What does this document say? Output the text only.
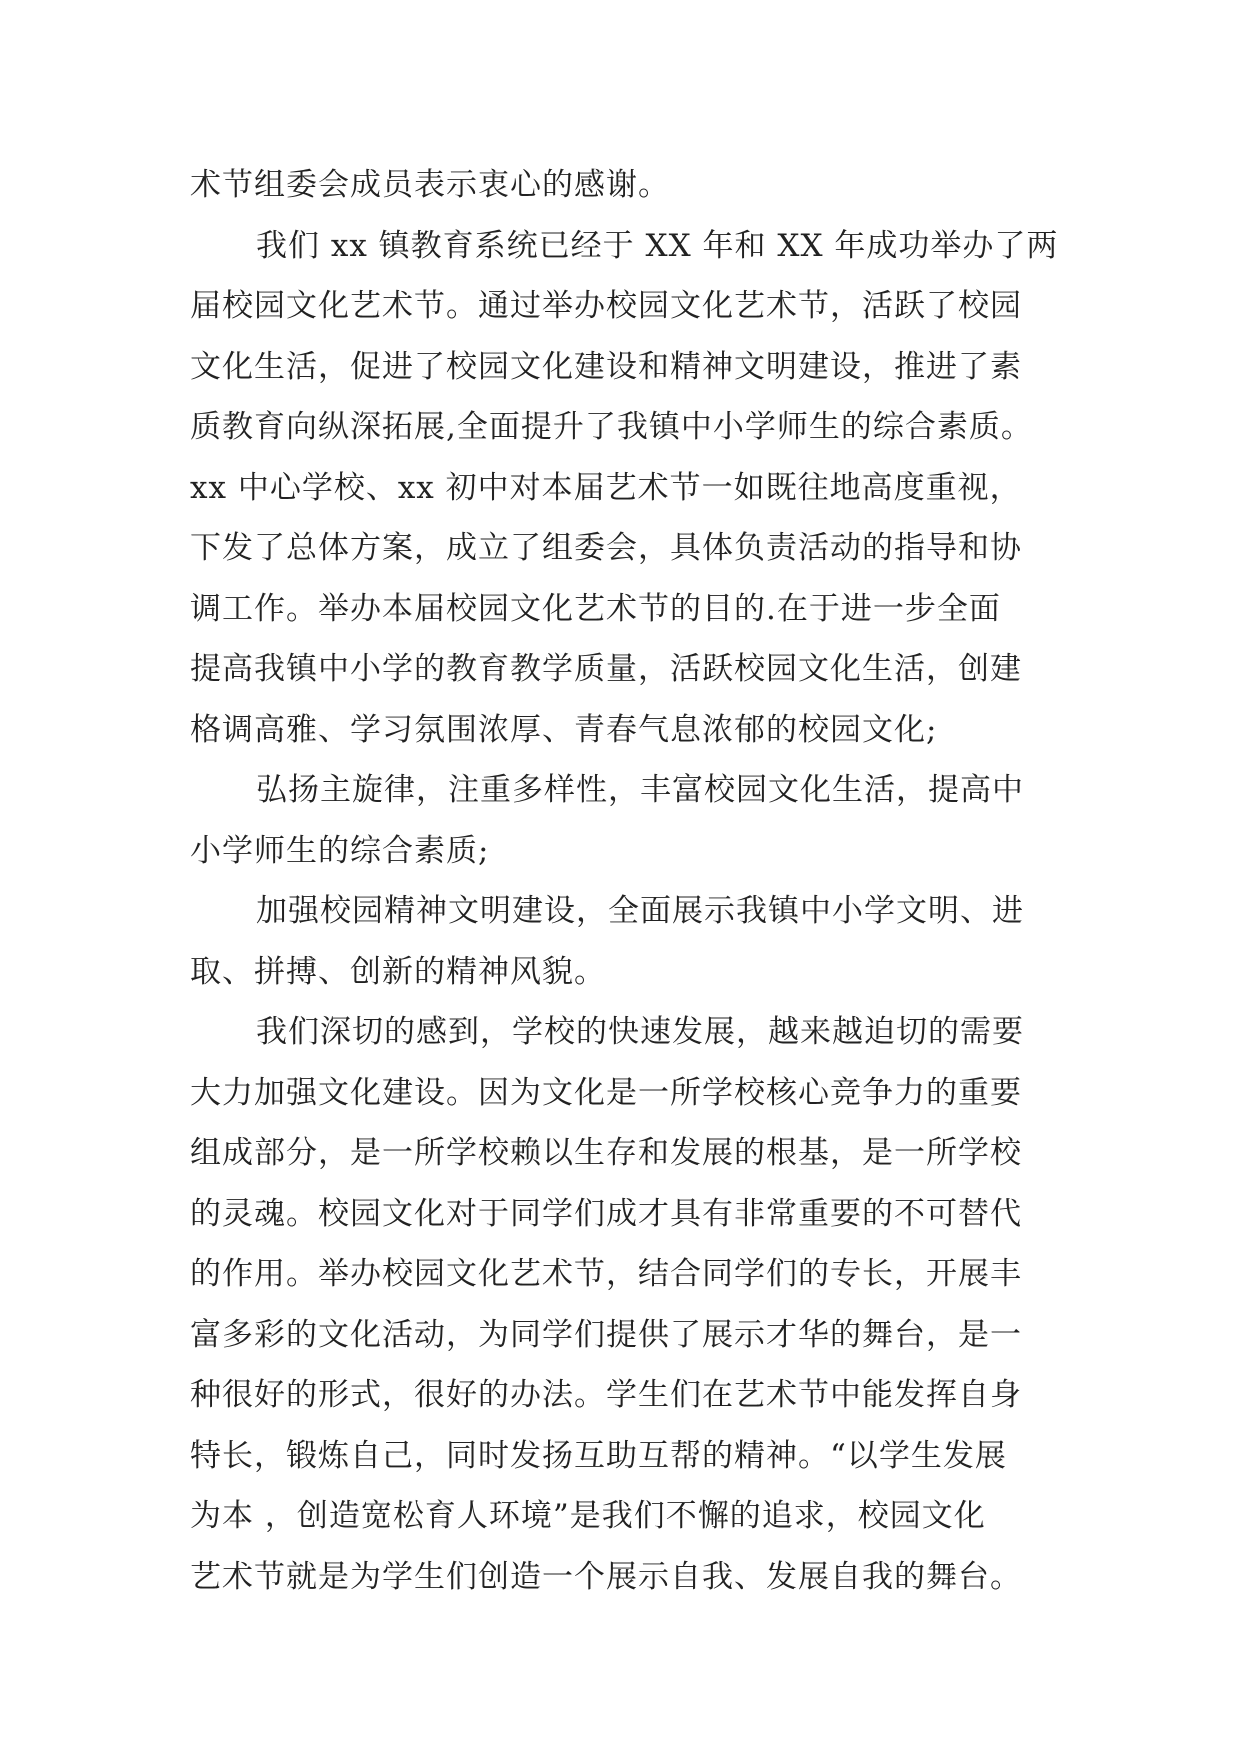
术节组委会成员表示衷心的感谢。
我们 xx 镇教育系统已经于 XX 年和 XX 年成功举办了两
届校园文化艺术节。通过举办校园文化艺术节，活跃了校园
文化生活，促进了校园文化建设和精神文明建设，推进了素
质教育向纵深拓展,全面提升了我镇中小学师生的综合素质。
xx 中心学校、xx 初中对本届艺术节一如既往地高度重视，
下发了总体方案，成立了组委会，具体负责活动的指导和协
调工作。举办本届校园文化艺术节的目的.在于进一步全面
提高我镇中小学的教育教学质量，活跃校园文化生活，创建
格调高雅、学习氛围浓厚、青春气息浓郁的校园文化;
弘扬主旋律，注重多样性，丰富校园文化生活，提高中
小学师生的综合素质;
加强校园精神文明建设，全面展示我镇中小学文明、进
取、拼搏、创新的精神风貌。
我们深切的感到，学校的快速发展，越来越迫切的需要
大力加强文化建设。因为文化是一所学校核心竞争力的重要
组成部分，是一所学校赖以生存和发展的根基，是一所学校
的灵魂。校园文化对于同学们成才具有非常重要的不可替代
的作用。举办校园文化艺术节，结合同学们的专长，开展丰
富多彩的文化活动，为同学们提供了展示才华的舞台，是一
种很好的形式，很好的办法。学生们在艺术节中能发挥自身
特长，锻炼自己，同时发扬互助互帮的精神。“以学生发展
为本 ，创造宽松育人环境”是我们不懈的追求，校园文化
艺术节就是为学生们创造一个展示自我、发展自我的舞台。
